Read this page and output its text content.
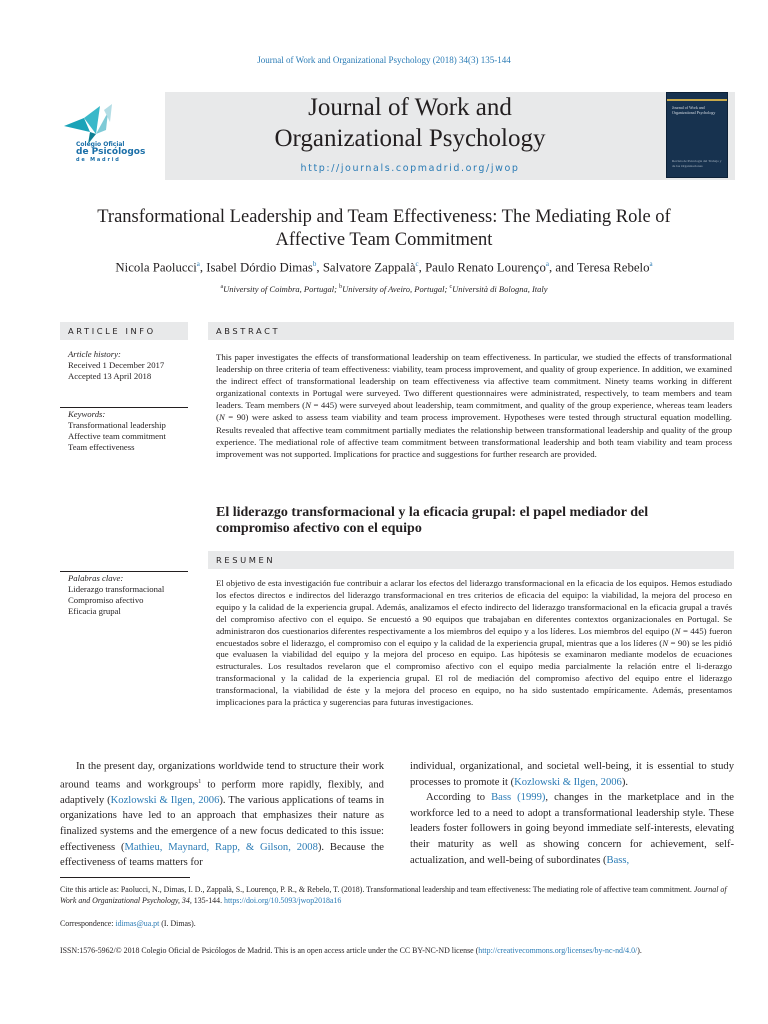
Journal of Work and Organizational Psychology (2018) 34(3) 135-144
Colegio Oficial
de Psicólogos
de Madrid
Journal of Work and
Organizational Psychology
http://journals.copmadrid.org/jwop
Journal of Work and Organizational Psychology
Revista de Psicología del Trabajo y de las Organizaciones
Transformational Leadership and Team Effectiveness: The Mediating Role of
Affective Team Commitment
Nicola Paolucci$^a$, Isabel Dórdio Dimas$^b$, Salvatore Zappalà$^c$, Paulo Renato Lourenço$^a$, and Teresa Rebelo$^a$
$^a$University of Coimbra, Portugal; $^b$University of Aveiro, Portugal; $^c$Università di Bologna, Italy
ARTICLE INFO	ABSTRACT
Article history:
Received 1 December 2017
Accepted 13 April 2018
Keywords:
Transformational leadership
Affective team commitment
Team effectiveness
This paper investigates the effects of transformational leadership on team effectiveness. In particular, we studied the effects of transformational leadership on three criteria of team effectiveness: viability, team process improvement, and quality of group experience. In addition, we examined the indirect effect of transformational leadership on team effectiveness via affective team commitment. Ninety teams working in different organizational contexts in Portugal were surveyed. Two different questionnaires were administrated, respectively, to team members and team leaders. Team members (N = 445) were surveyed about leadership, team commitment, and quality of the group experience, whereas team leaders (N = 90) were asked to assess team viability and team process improvement. Hypotheses were tested through structural equation modelling. Results revealed that affective team commitment partially mediates the relationship between transformational leadership and quality of the group experience. The mediational role of affective team commitment between transformational leadership and both team viability and team process improvement was not supported. Implications for practice and suggestions for further research are provided.
El liderazgo transformacional y la eficacia grupal: el papel mediador del
compromiso afectivo con el equipo
RESUMEN
Palabras clave:
Liderazgo transformacional
Compromiso afectivo
Eficacia grupal
El objetivo de esta investigación fue contribuir a aclarar los efectos del liderazgo transformacional en la eficacia de los equipos. Hemos estudiado los efectos directos e indirectos del liderazgo transformacional en tres criterios de eficacia del equipo: la viabilidad, la mejora del proceso en equipo y la calidad de la experiencia grupal. Además, analizamos el efecto indirecto del liderazgo transformacional en la eficacia grupal a través del compromiso afectivo con el equipo. Se encuestó a 90 equipos que trabajaban en diferentes contextos organizacionales en Portugal. Se administraron dos cuestionarios diferentes respectivamente a los miembros del equipo y a los líderes. Los miembros del equipo (N = 445) fueron encuestados sobre el liderazgo, el compromiso con el equipo y la calidad de la experiencia grupal, mientras que a los líderes (N = 90) se les pidió que evaluasen la viabilidad del equipo y la mejora del proceso en equipo. Las hipótesis se examinaron mediante modelos de ecuaciones estructurales. Los resultados revelaron que el compromiso afectivo con el equipo media parcialmente la relación entre el li-derazgo transformacional y la calidad de la experiencia grupal. El rol de mediación del compromiso afectivo del equipo entre el liderazgo transformacional, la viabilidad de éste y la mejora del proceso en equipo, no ha sido sustentado empíricamente. Además, presentamos implicaciones para la práctica y sugerencias para futuras investigaciones.

In the present day, organizations worldwide tend to structure their work around teams and workgroups$^1$ to perform more rapidly, flexibly, and adaptively (Kozlowski & Ilgen, 2006). The various applications of teams in organizations have led to an approach that emphasizes their nature as finalized systems and the emergence of a new focus dedicated to this issue: effectiveness (Mathieu, Maynard, Rapp, & Gilson, 2008). Because the effectiveness of teams matters for

individual, organizational, and societal well-being, it is essential to study processes to promote it (Kozlowski & Ilgen, 2006).

According to Bass (1999), changes in the marketplace and in the workforce led to a need to adopt a transformational leadership style. These leaders foster followers in going beyond immediate self-interests, elevating their maturity as well as showing concern for achievement, self-actualization, and well-being of subordinates (Bass,

Cite this article as: Paolucci, N., Dimas, I. D., Zappalà, S., Lourenço, P. R., & Rebelo, T. (2018). Transformational leadership and team effectiveness: The mediating role of affective team commitment. Journal of Work and Organizational Psychology, 34, 135-144. https://doi.org/10.5093/jwop2018a16
Correspondence: idimas@ua.pt (I. Dimas).
ISSN:1576-5962/© 2018 Colegio Oficial de Psicólogos de Madrid. This is an open access article under the CC BY-NC-ND license (http://creativecommons.org/licenses/by-nc-nd/4.0/).
